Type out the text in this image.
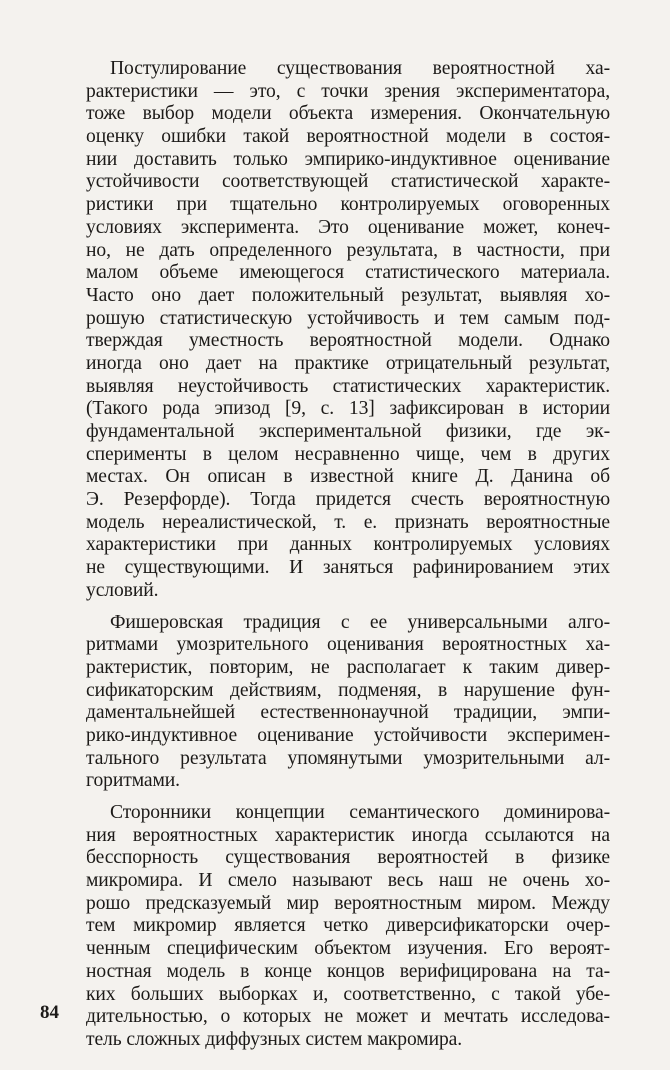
Постулирование существования вероятностной ха-
рактеристики — это, с точки зрения экспериментатора,
тоже выбор модели объекта измерения. Окончательную
оценку ошибки такой вероятностной модели в состоя-
нии доставить только эмпирико-индуктивное оценивание
устойчивости соответствующей статистической характе-
ристики при тщательно контролируемых оговоренных
условиях эксперимента. Это оценивание может, конеч-
но, не дать определенного результата, в частности, при
малом объеме имеющегося статистического материала.
Часто оно дает положительный результат, выявляя хо-
рошую статистическую устойчивость и тем самым под-
тверждая уместность вероятностной модели. Однако
иногда оно дает на практике отрицательный результат,
выявляя неустойчивость статистических характеристик.
(Такого рода эпизод [9, с. 13] зафиксирован в истории
фундаментальной экспериментальной физики, где эк-
сперименты в целом несравненно чище, чем в других
местах. Он описан в известной книге Д. Данина об
Э. Резерфорде). Тогда придется счесть вероятностную
модель нереалистической, т. е. признать вероятностные
характеристики при данных контролируемых условиях
не существующими. И заняться рафинированием этих
условий.
Фишеровская традиция с ее универсальными алго-
ритмами умозрительного оценивания вероятностных ха-
рактеристик, повторим, не располагает к таким дивер-
сификаторским действиям, подменяя, в нарушение фун-
даментальнейшей естественнонаучной традиции, эмпи-
рико-индуктивное оценивание устойчивости эксперимен-
тального результата упомянутыми умозрительными ал-
горитмами.
Сторонники концепции семантического доминирова-
ния вероятностных характеристик иногда ссылаются на
бесспорность существования вероятностей в физике
микромира. И смело называют весь наш не очень хо-
рошо предсказуемый мир вероятностным миром. Между
тем микромир является четко диверсификаторски очер-
ченным специфическим объектом изучения. Его вероят-
ностная модель в конце концов верифицирована на та-
ких больших выборках и, соответственно, с такой убе-
дительностью, о которых не может и мечтать исследова-
тель сложных диффузных систем макромира.
84
